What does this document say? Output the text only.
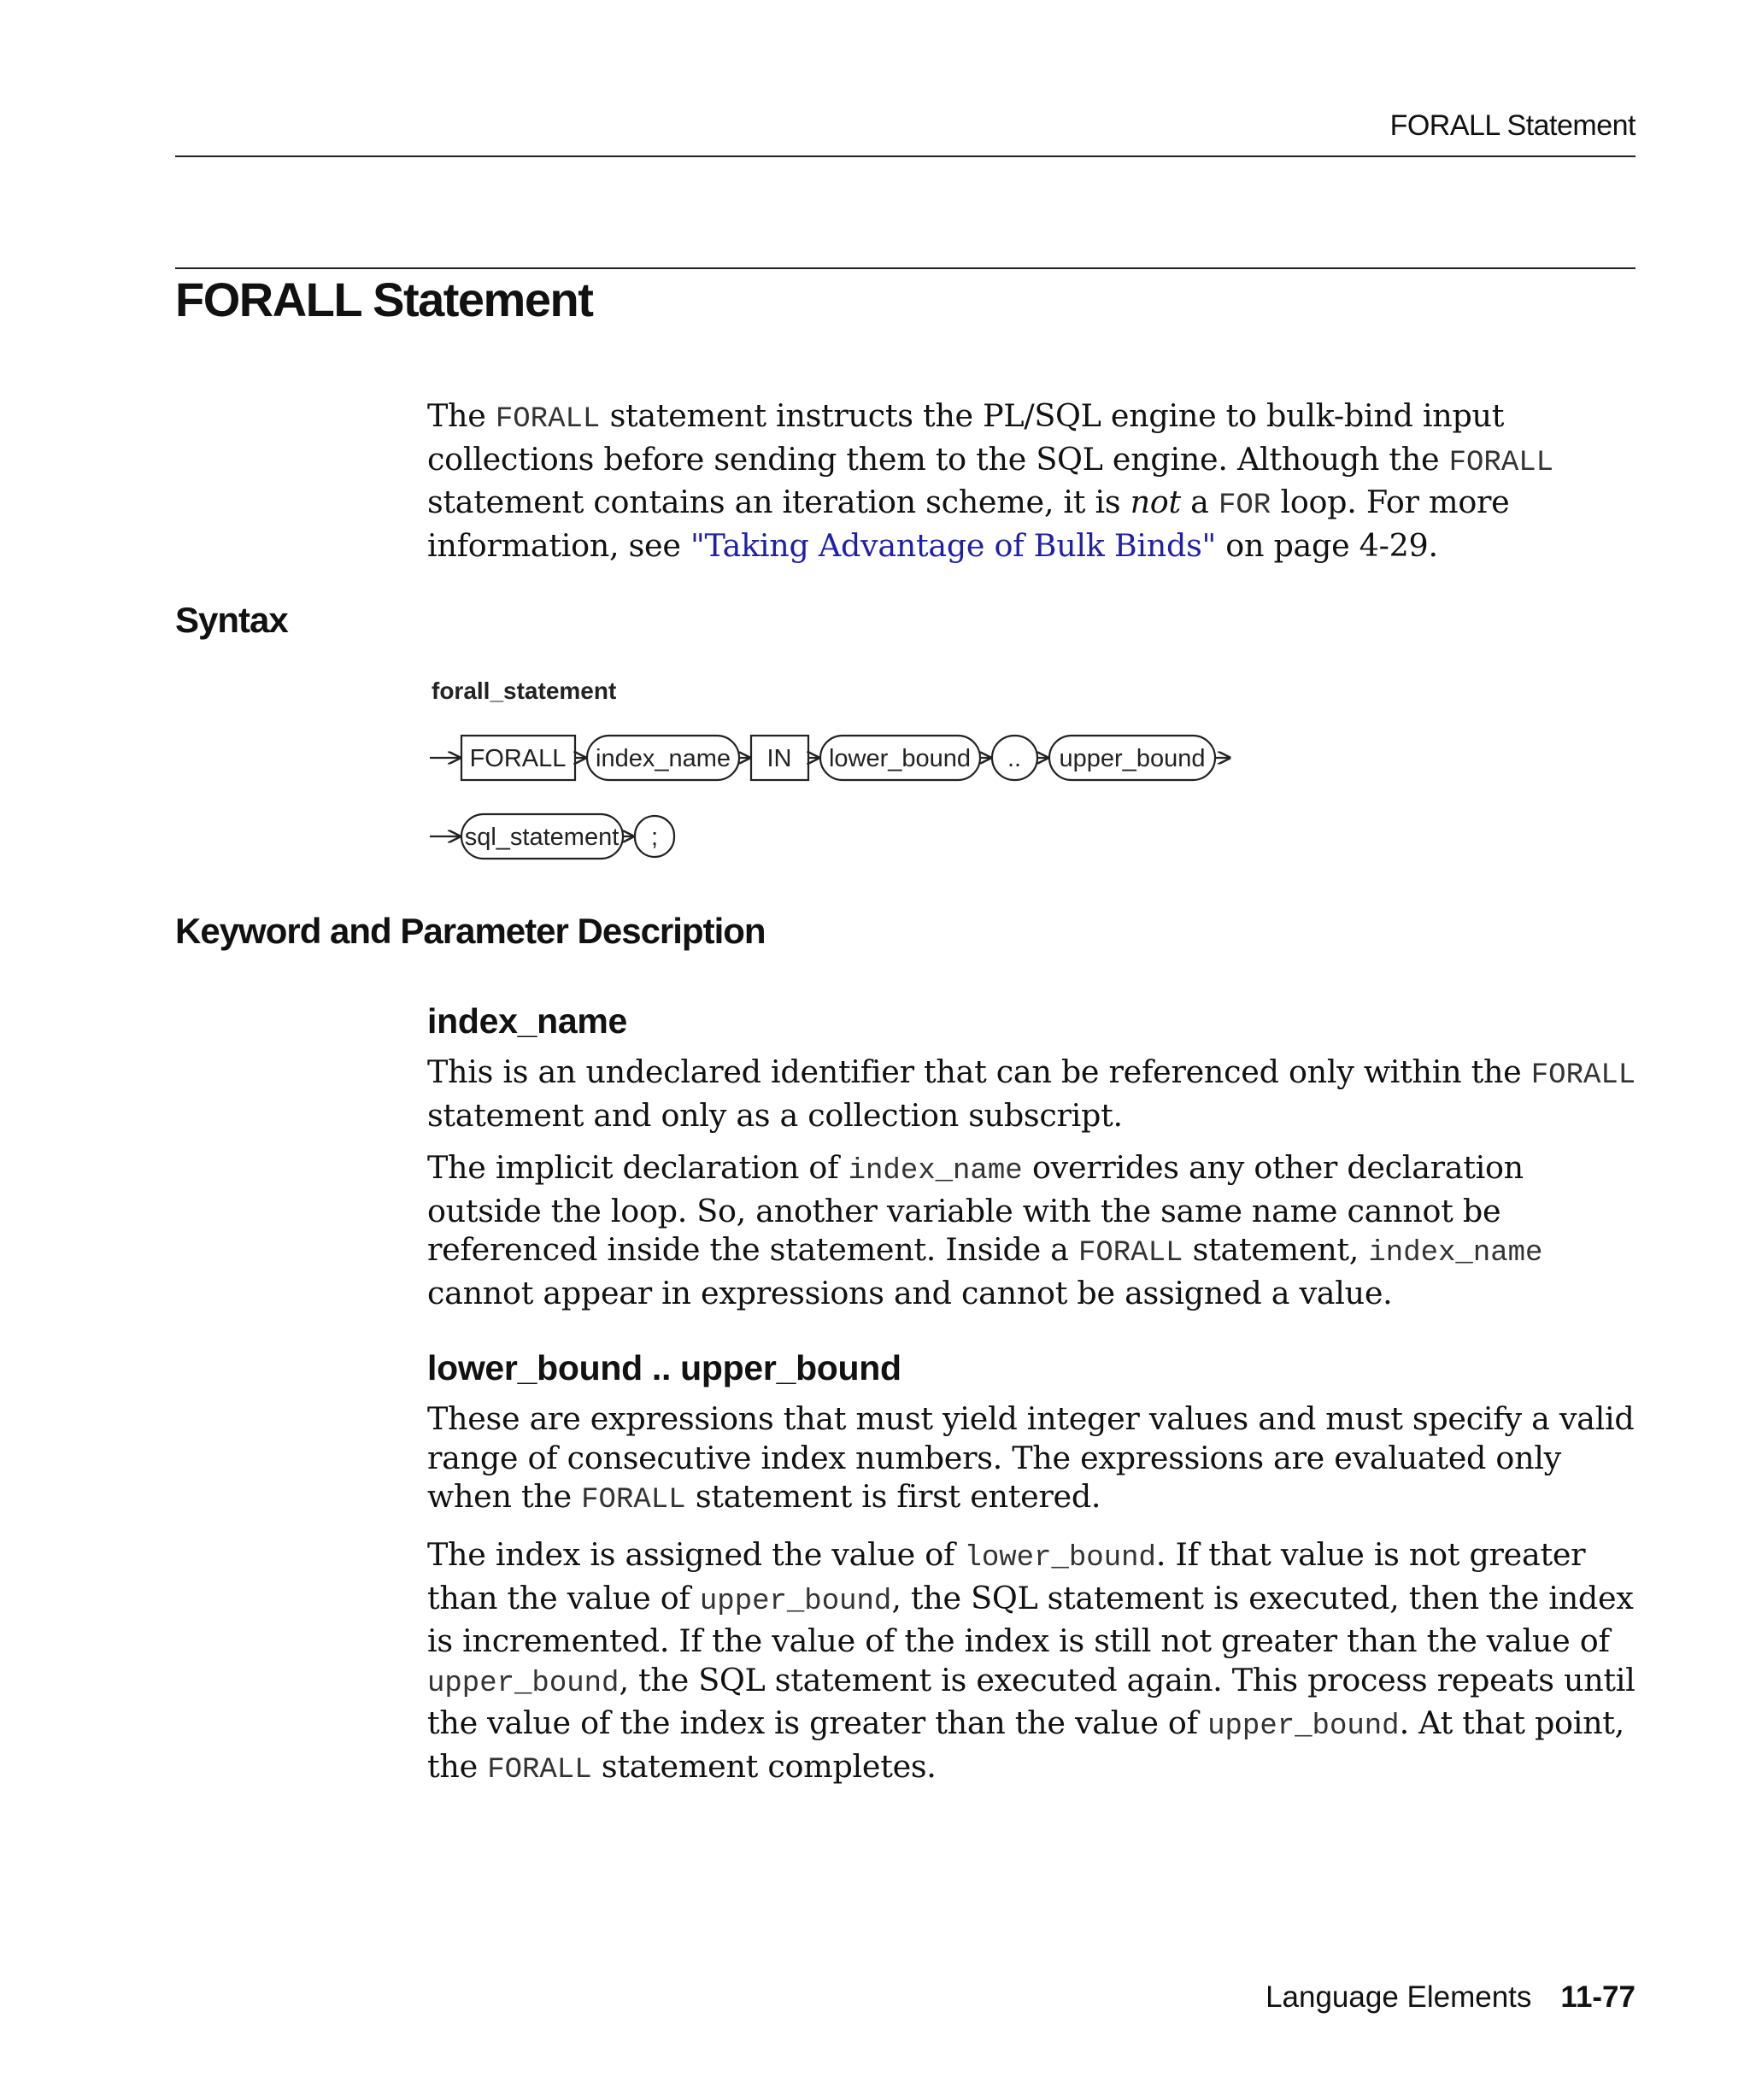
FORALL Statement
FORALL Statement

The FORALL statement instructs the PL/SQL engine to bulk-bind input collections before sending them to the SQL engine. Although the FORALL statement contains an iteration scheme, it is not a FOR loop. For more information, see "Taking Advantage of Bulk Binds" on page 4-29.

Syntax
forall_statement
FORALL index_name IN lower_bound .. upper_bound
sql_statement ;
Keyword and Parameter Description
index_name

This is an undeclared identifier that can be referenced only within the FORALL statement and only as a collection subscript.

The implicit declaration of index_name overrides any other declaration outside the loop. So, another variable with the same name cannot be referenced inside the statement. Inside a FORALL statement, index_name cannot appear in expressions and cannot be assigned a value.

lower_bound .. upper_bound

These are expressions that must yield integer values and must specify a valid range of consecutive index numbers. The expressions are evaluated only when the FORALL statement is first entered.

The index is assigned the value of lower_bound. If that value is not greater than the value of upper_bound, the SQL statement is executed, then the index is incremented. If the value of the index is still not greater than the value of upper_bound, the SQL statement is executed again. This process repeats until the value of the index is greater than the value of upper_bound. At that point, the FORALL statement completes.

Language Elements 11-77
